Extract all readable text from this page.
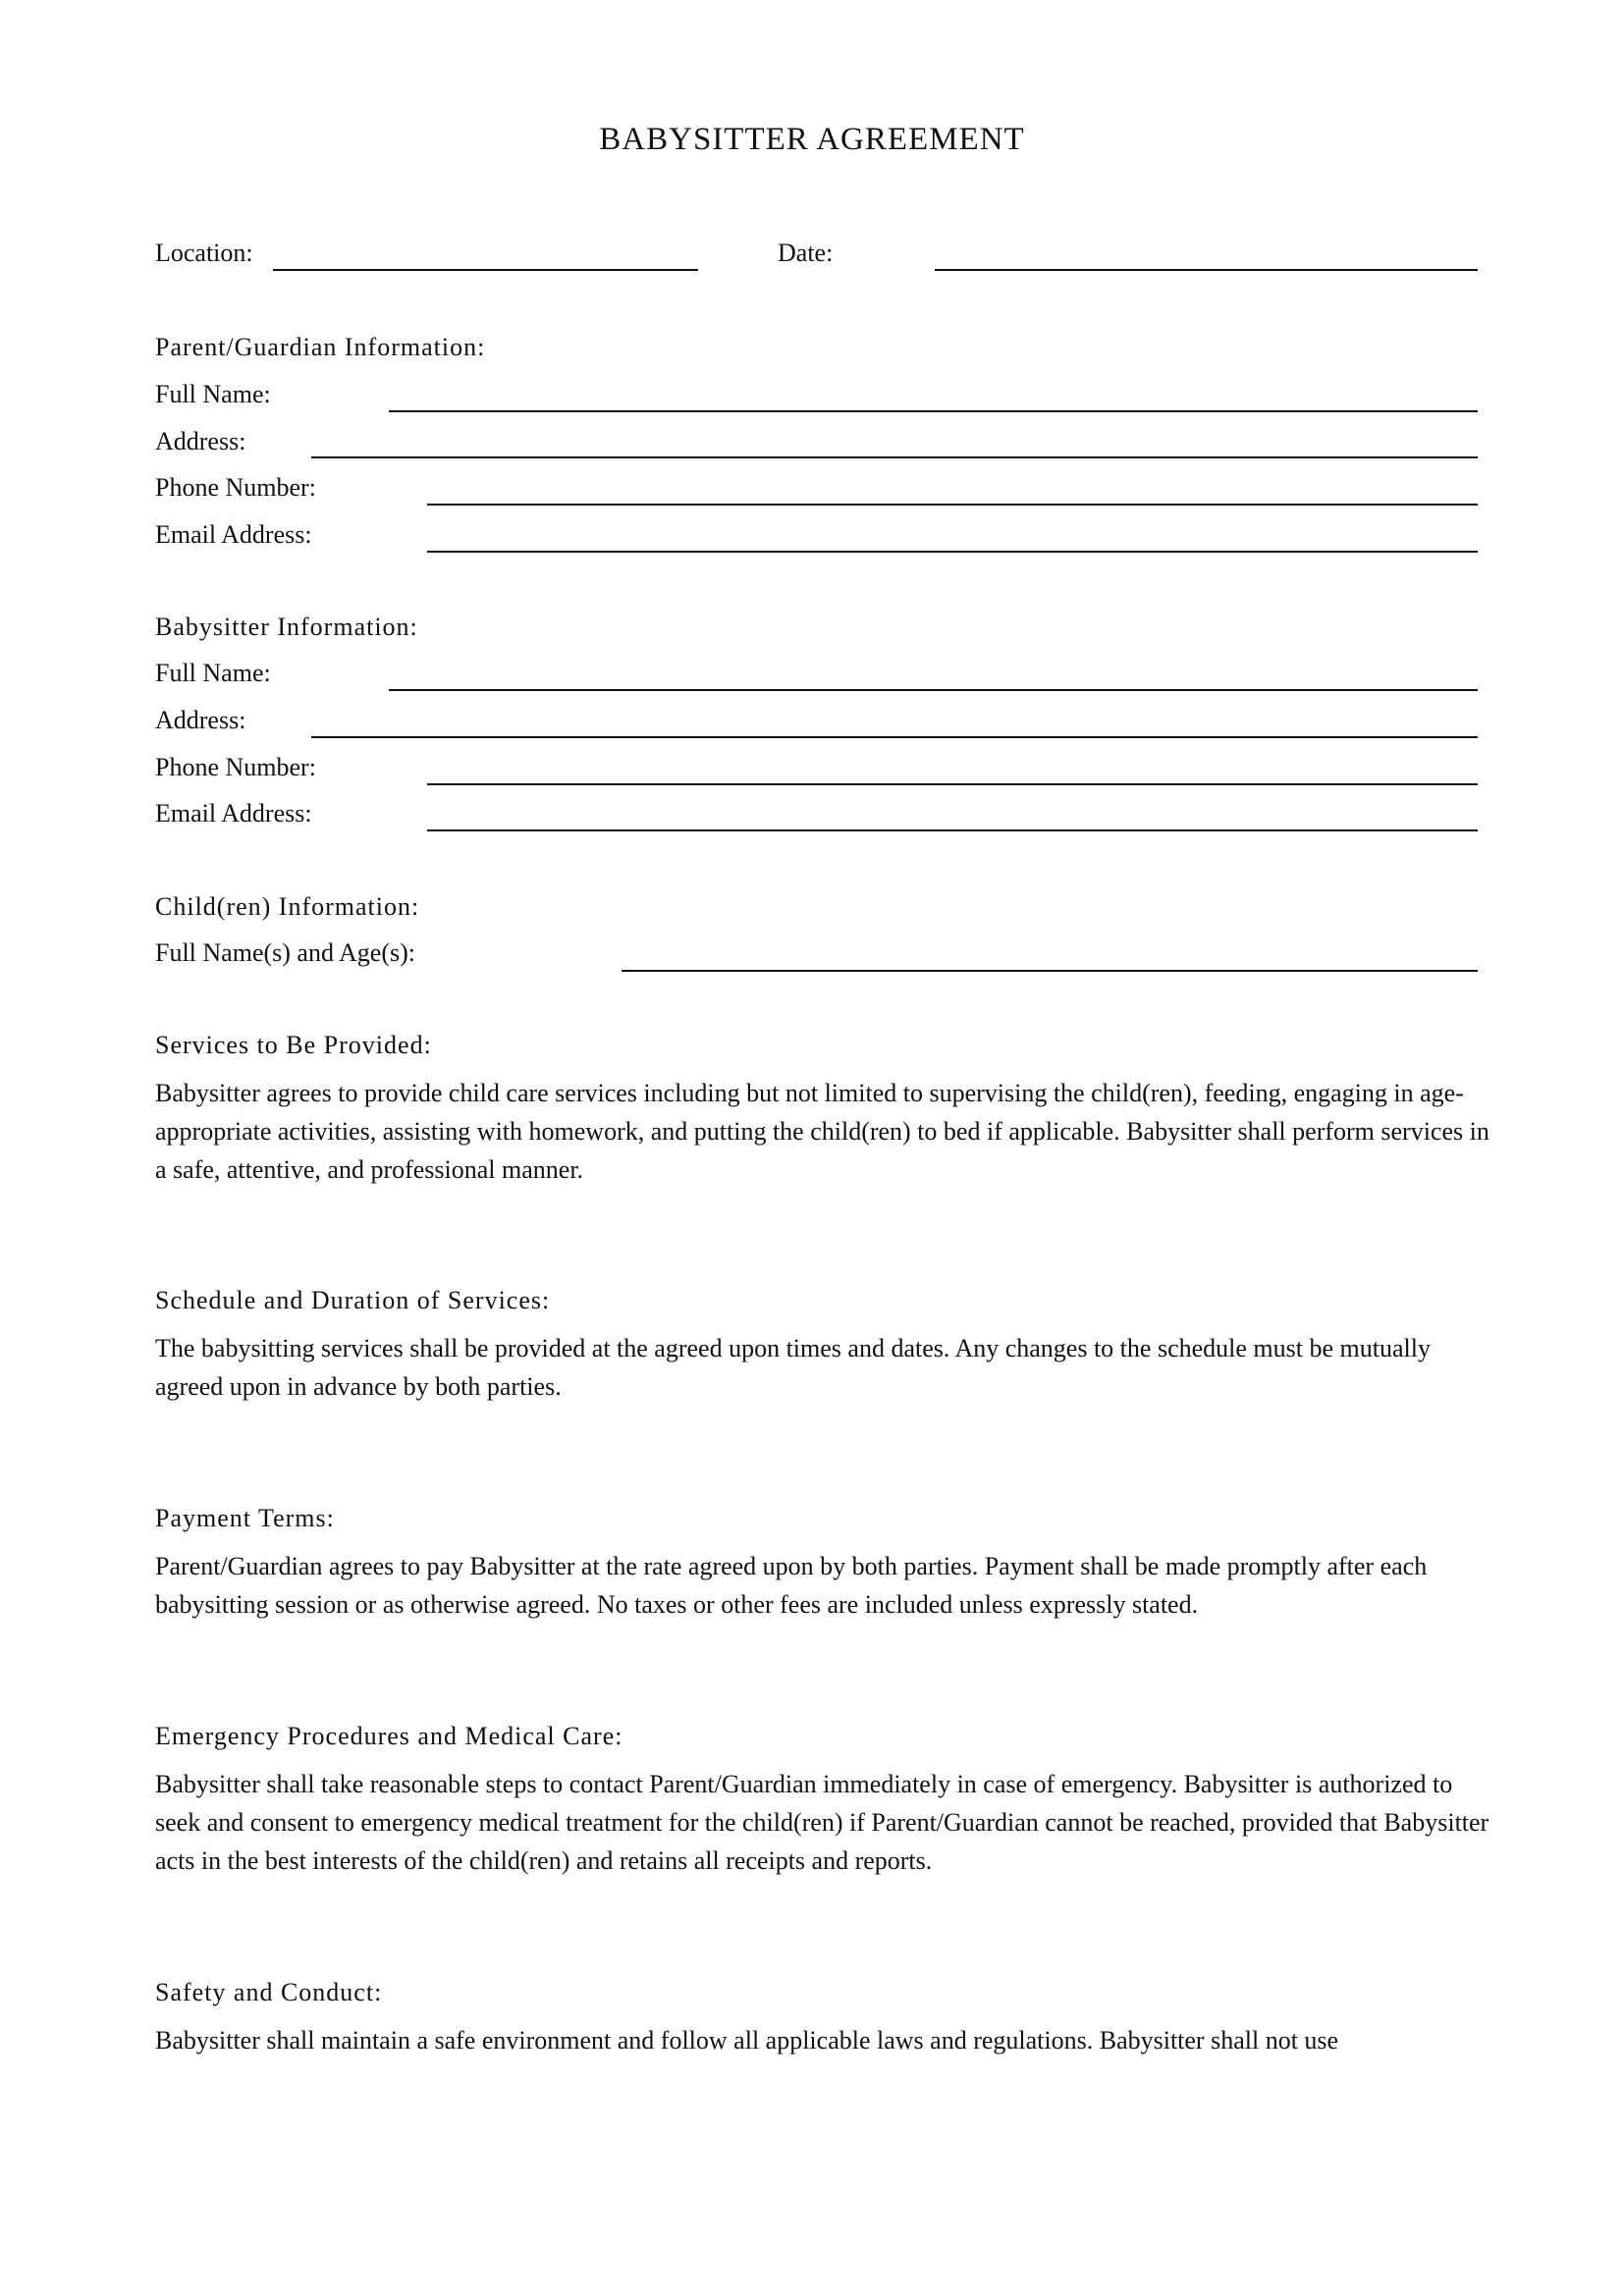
BABYSITTER AGREEMENT
Location:	Date:
Parent/Guardian Information:
Full Name:
Address:
Phone Number:
Email Address:
Babysitter Information:
Full Name:
Address:
Phone Number:
Email Address:
Child(ren) Information:
Full Name(s) and Age(s):
Services to Be Provided:
Babysitter agrees to provide child care services including but not limited to supervising the child(ren), feeding, engaging in age-appropriate activities, assisting with homework, and putting the child(ren) to bed if applicable. Babysitter shall perform services in a safe, attentive, and professional manner.
Schedule and Duration of Services:
The babysitting services shall be provided at the agreed upon times and dates. Any changes to the schedule must be mutually agreed upon in advance by both parties.
Payment Terms:
Parent/Guardian agrees to pay Babysitter at the rate agreed upon by both parties. Payment shall be made promptly after each babysitting session or as otherwise agreed. No taxes or other fees are included unless expressly stated.
Emergency Procedures and Medical Care:
Babysitter shall take reasonable steps to contact Parent/Guardian immediately in case of emergency. Babysitter is authorized to seek and consent to emergency medical treatment for the child(ren) if Parent/Guardian cannot be reached, provided that Babysitter acts in the best interests of the child(ren) and retains all receipts and reports.
Safety and Conduct:
Babysitter shall maintain a safe environment and follow all applicable laws and regulations. Babysitter shall not use
